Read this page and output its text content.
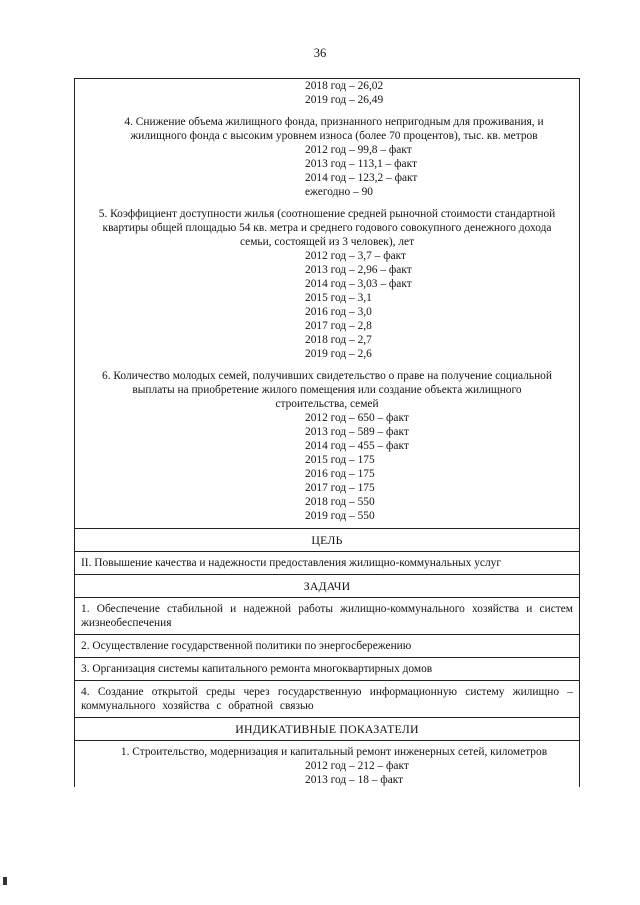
36
2018 год – 26,02
2019 год – 26,49
4. Снижение объема жилищного фонда, признанного непригодным для проживания, и жилищного фонда с высоким уровнем износа (более 70 процентов), тыс. кв. метров
2012 год – 99,8 – факт
2013 год – 113,1 – факт
2014 год – 123,2 – факт
ежегодно – 90
5. Коэффициент доступности жилья (соотношение средней рыночной стоимости стандартной квартиры общей площадью 54 кв. метра и среднего годового совокупного денежного дохода семьи, состоящей из 3 человек), лет
2012 год – 3,7 – факт
2013 год – 2,96 – факт
2014 год – 3,03 – факт
2015 год – 3,1
2016 год – 3,0
2017 год – 2,8
2018 год – 2,7
2019 год – 2,6
6. Количество молодых семей, получивших свидетельство о праве на получение социальной выплаты на приобретение жилого помещения или создание объекта жилищного строительства, семей
2012 год – 650 – факт
2013 год – 589 – факт
2014 год – 455 – факт
2015 год – 175
2016 год – 175
2017 год – 175
2018 год – 550
2019 год – 550
ЦЕЛЬ
II. Повышение качества и надежности предоставления жилищно-коммунальных услуг
ЗАДАЧИ
1. Обеспечение стабильной и надежной работы жилищно-коммунального хозяйства и систем жизнеобеспечения
2. Осуществление государственной политики по энергосбережению
3. Организация системы капитального ремонта многоквартирных домов
4. Создание открытой среды через государственную информационную систему жилищно – коммунального хозяйства с обратной связью
ИНДИКАТИВНЫЕ ПОКАЗАТЕЛИ
1. Строительство, модернизация и капитальный ремонт инженерных сетей, километров
2012 год – 212 – факт
2013 год – 18 – факт
